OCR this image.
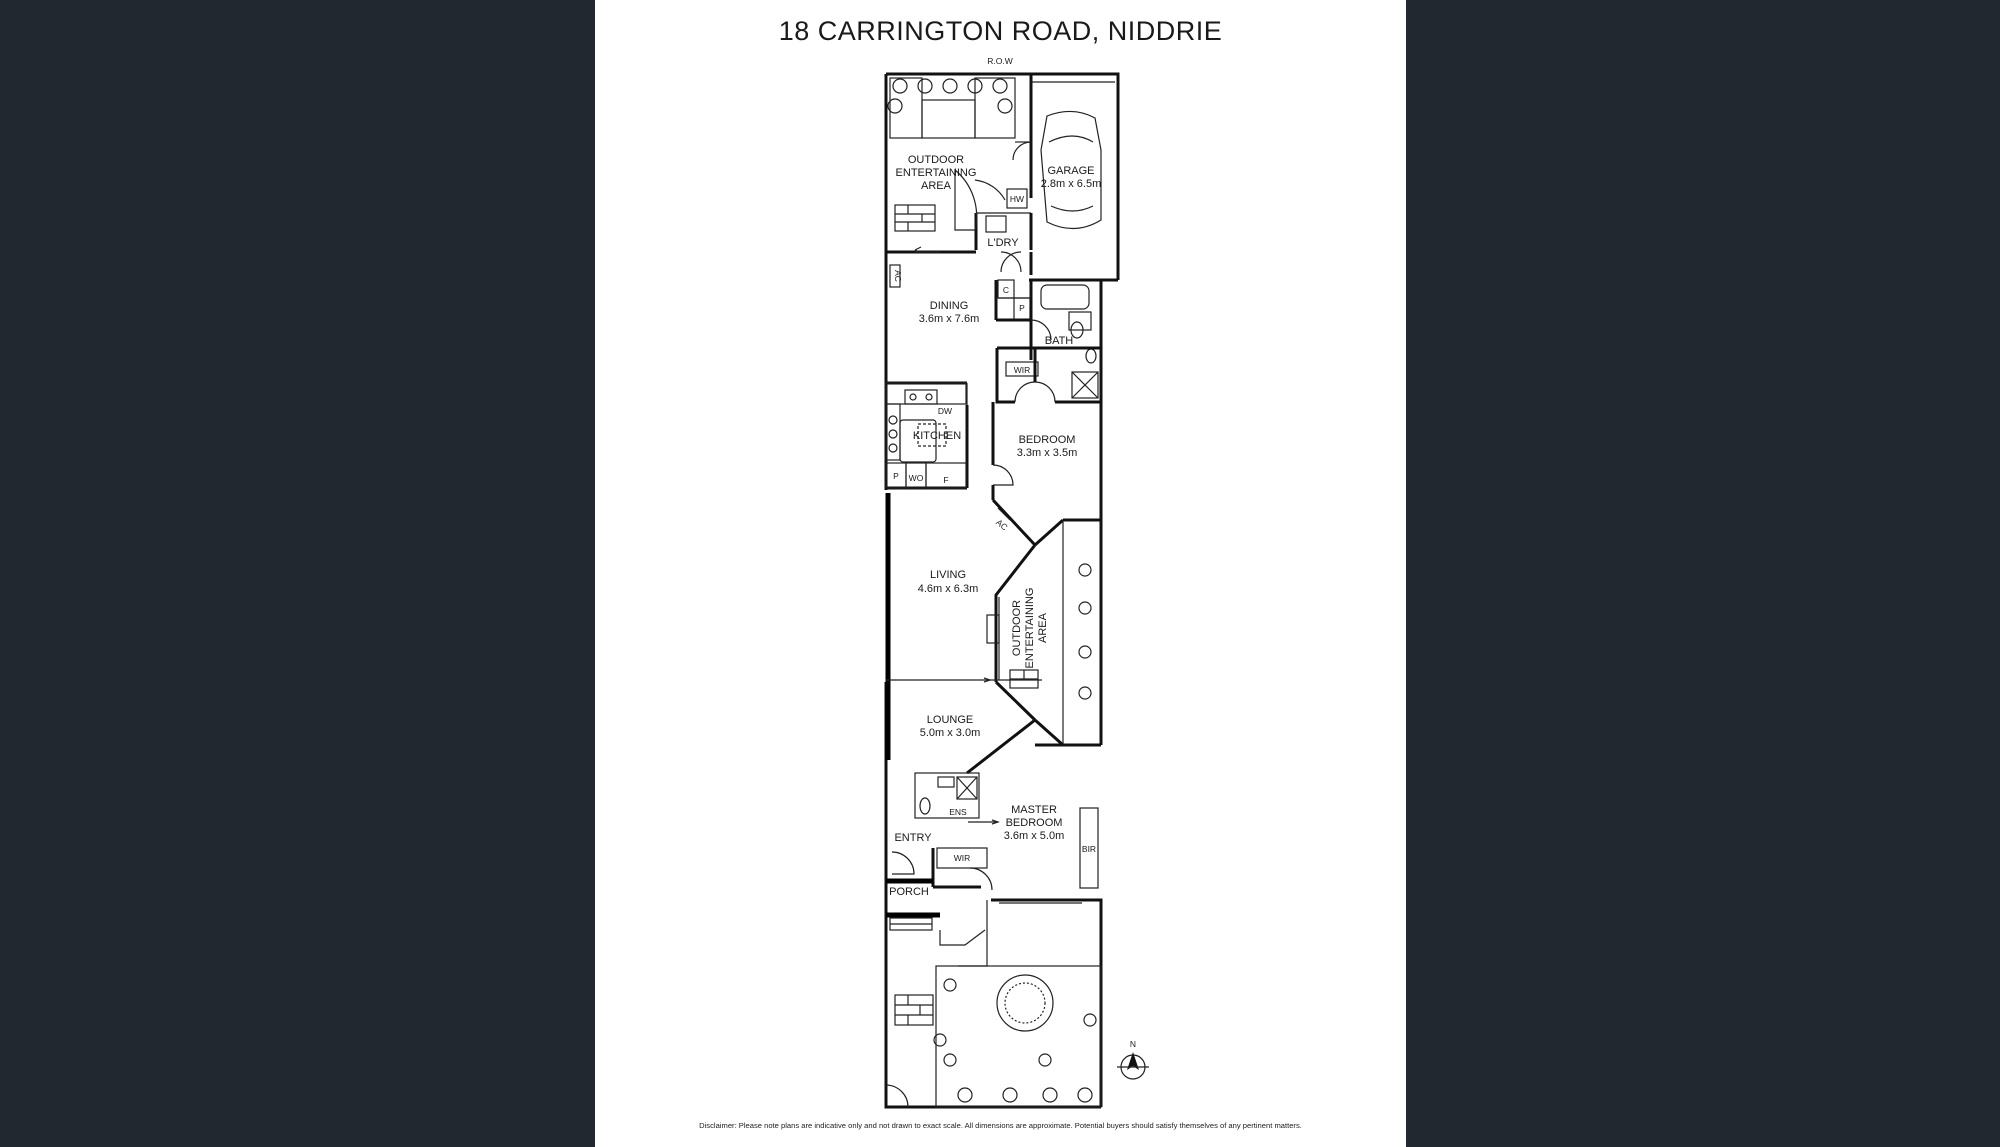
18 CARRINGTON ROAD, NIDDRIE
R.O.W
HW
L'DRY
OUTDOOR
ENTERTAINING
AREA
GARAGE
2.8m x 6.5m
AC
DINING
3.6m x 7.6m
C
P
BATH
WIR
DW
KITCHEN
P WO F
BEDROOM
3.3m x 3.5m
AC
LIVING
4.6m x 6.3m
OUTDOOR ENTERTAINING AREA
LOUNGE
5.0m x 3.0m
ENS	MASTER
BEDROOM
3.6m x 5.0m
BIR
ENTRY
WIR
PORCH
N
Disclaimer: Please note plans are indicative only and not drawn to exact scale. All dimensions are approximate. Potential buyers should satisfy themselves of any pertinent matters.
